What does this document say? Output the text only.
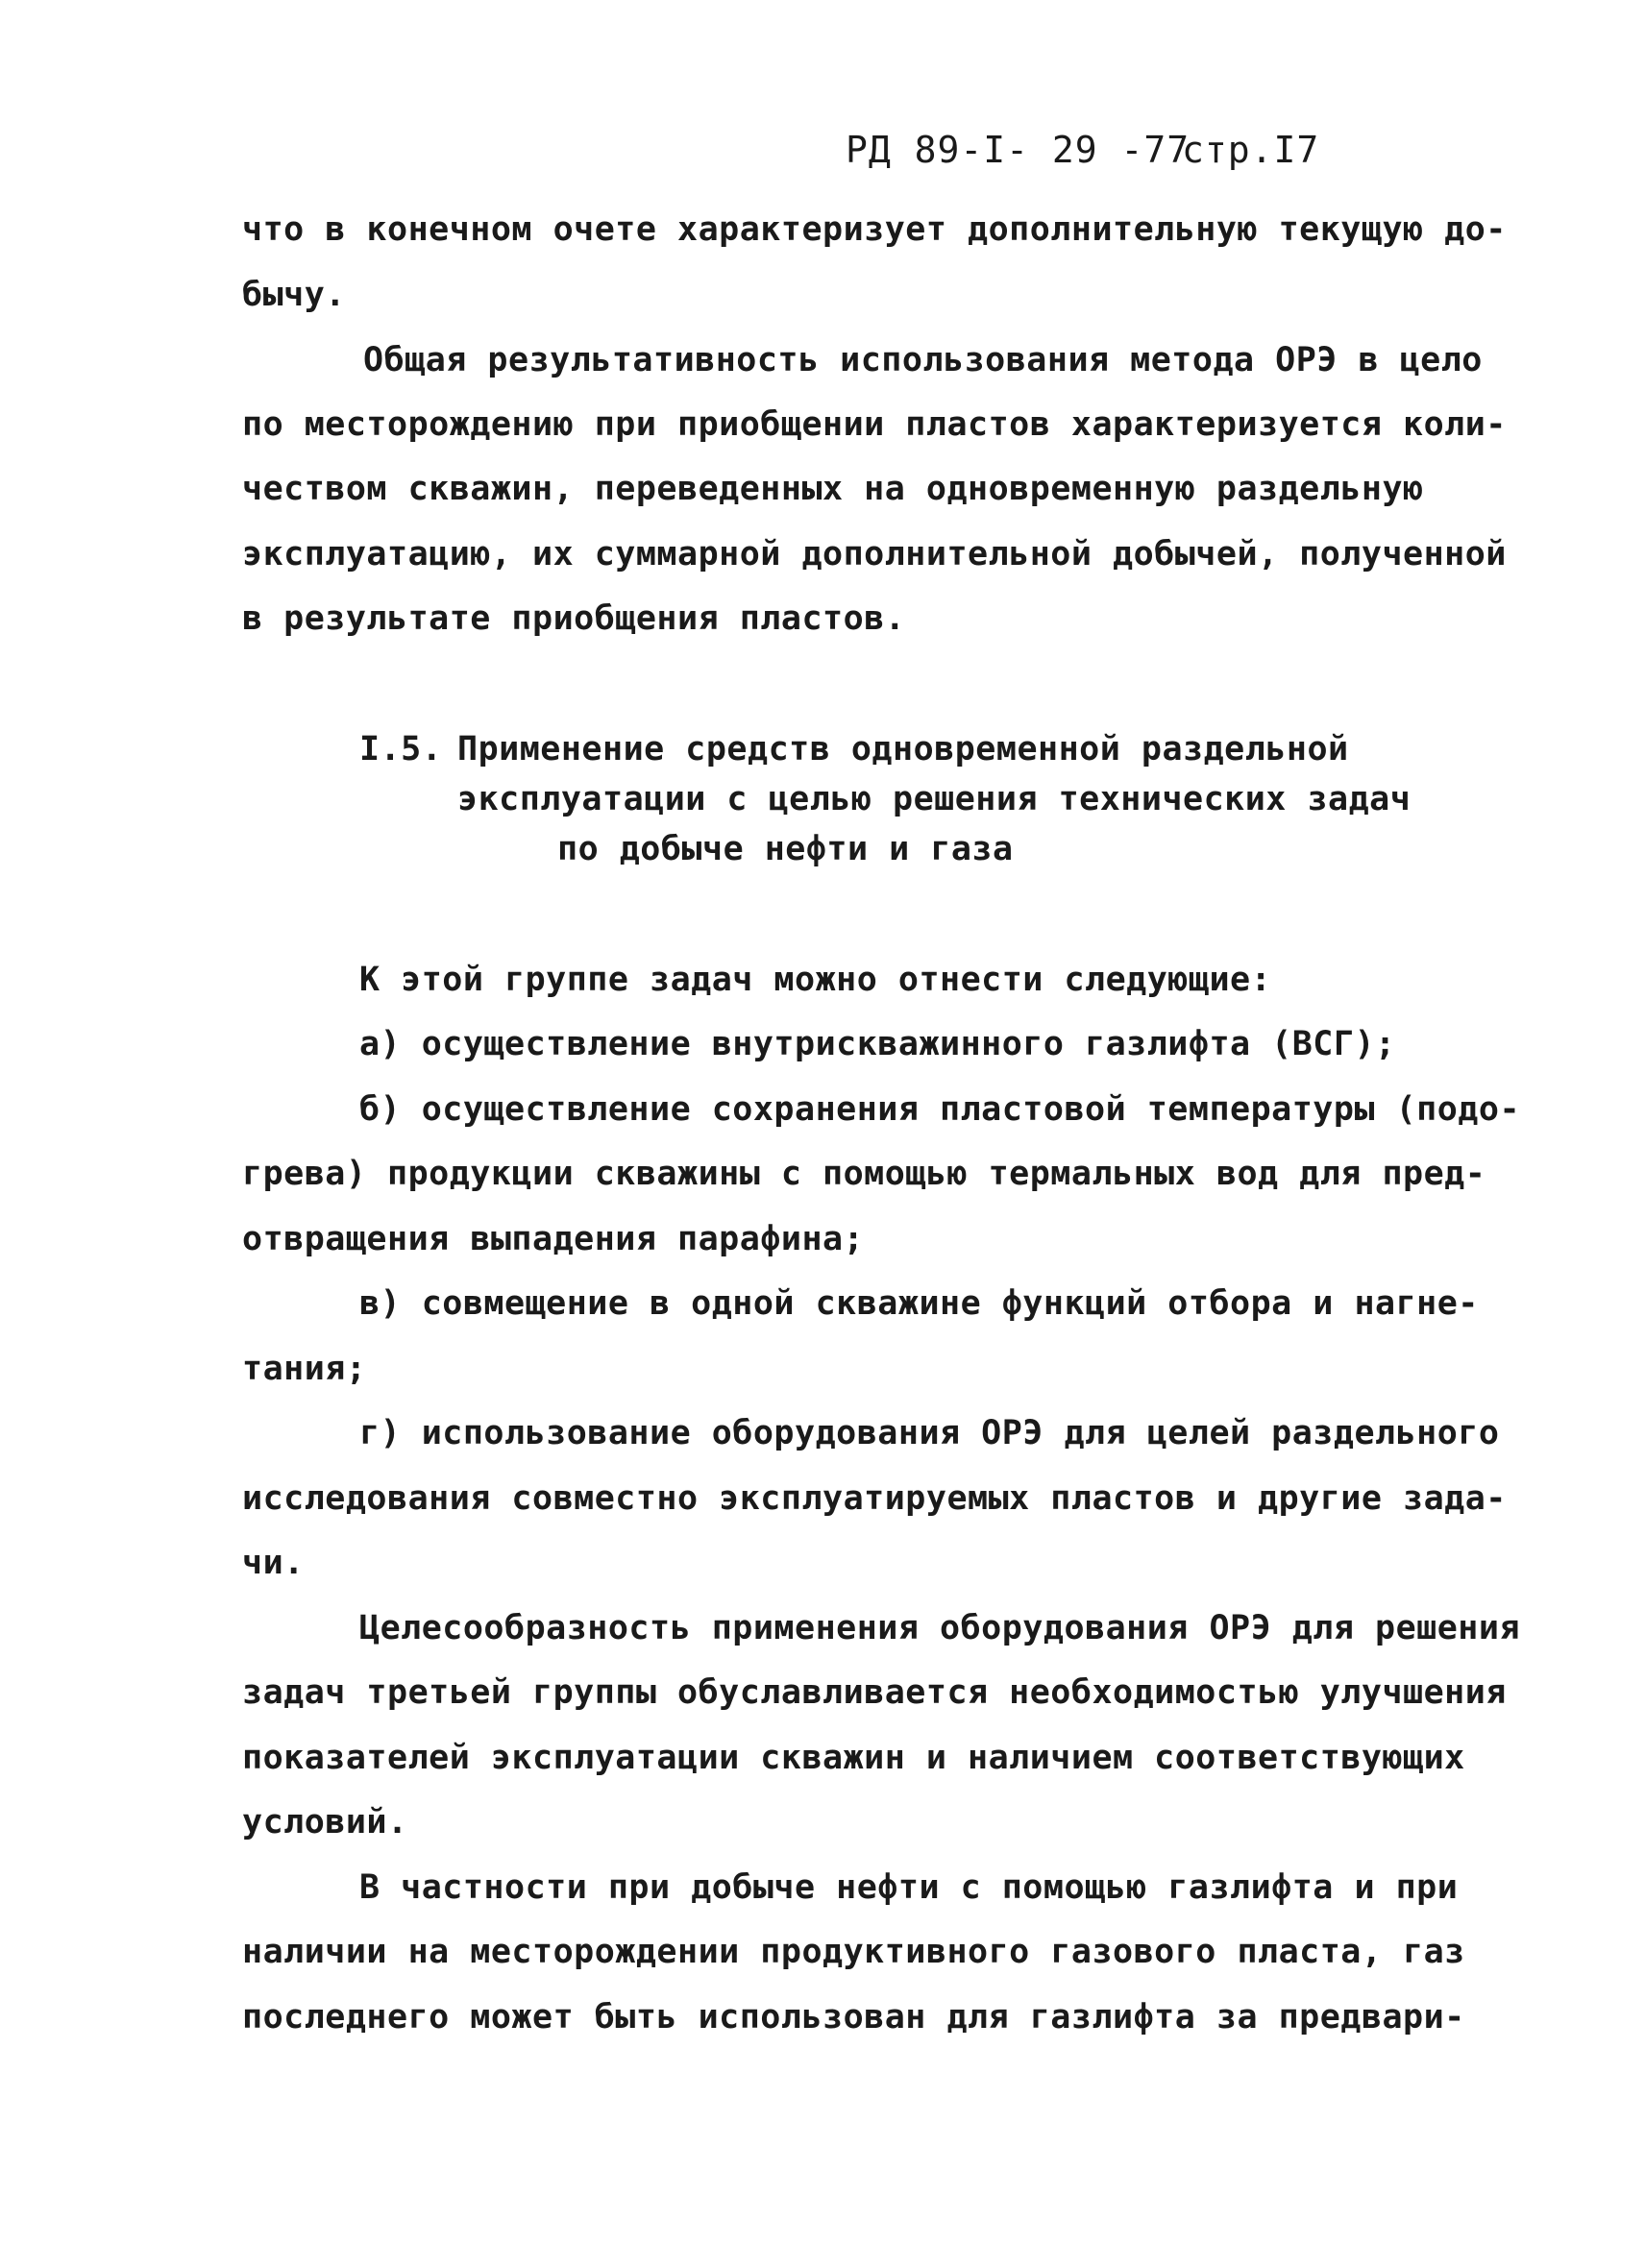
РД 89-I- 29 -77
стр.I7
что в конечном очете характеризует дополнительную текущую до-
бычу.
Общая результативность использования метода ОРЭ в цело
по месторождению при приобщении пластов характеризуется коли-
чеством скважин, переведенных на одновременную раздельную
эксплуатацию, их суммарной дополнительной добычей, полученной
в результате приобщения пластов.
I.5. Применение средств одновременной раздельной
эксплуатации с целью решения технических задач
по добыче нефти и газа
К этой группе задач можно отнести следующие:
а) осуществление внутрискважинного газлифта (ВСГ);
б) осуществление сохранения пластовой температуры (подо-
грева) продукции скважины с помощью термальных вод для пред-
отвращения выпадения парафина;
в) совмещение в одной скважине функций отбора и нагне-
тания;
г) использование оборудования ОРЭ для целей раздельного
исследования совместно эксплуатируемых пластов и другие зада-
чи.
Целесообразность применения оборудования ОРЭ для решения
задач третьей группы обуславливается необходимостью улучшения
показателей эксплуатации скважин и наличием соответствующих
условий.
В частности при добыче нефти с помощью газлифта и при
наличии на месторождении продуктивного газового пласта, газ
последнего может быть использован для газлифта за предвари-
